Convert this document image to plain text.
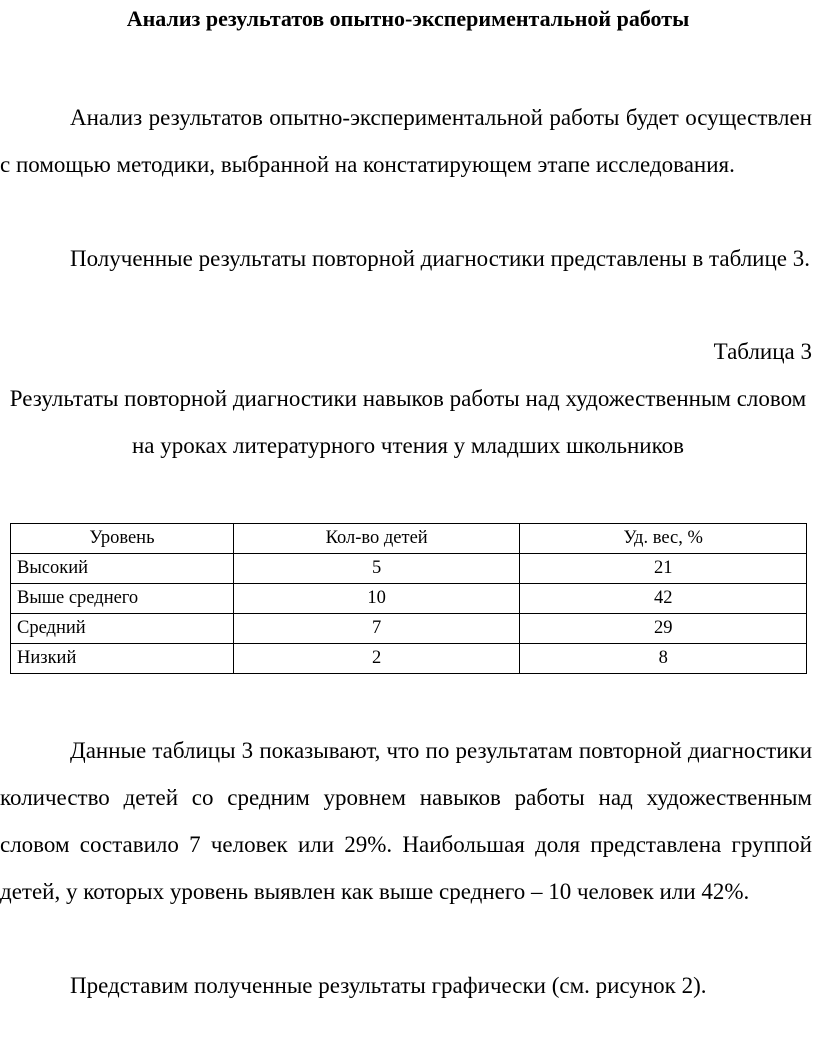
Анализ результатов опытно-экспериментальной работы

Анализ результатов опытно-экспериментальной работы будет осуществлен с помощью методики, выбранной на констатирующем этапе исследования.

Полученные результаты повторной диагностики представлены в таблице 3.

Таблица 3

Результаты повторной диагностики навыков работы над художественным словом на уроках литературного чтения у младших школьников

Уровень	Кол-во детей	Уд. вес, %
Высокий	5	21
Выше среднего	10	42
Средний	7	29
Низкий	2	8

Данные таблицы 3 показывают, что по результатам повторной диагностики количество детей со средним уровнем навыков работы над художественным словом составило 7 человек или 29%. Наибольшая доля представлена группой детей, у которых уровень выявлен как выше среднего – 10 человек или 42%.

Представим полученные результаты графически (см. рисунок 2).
